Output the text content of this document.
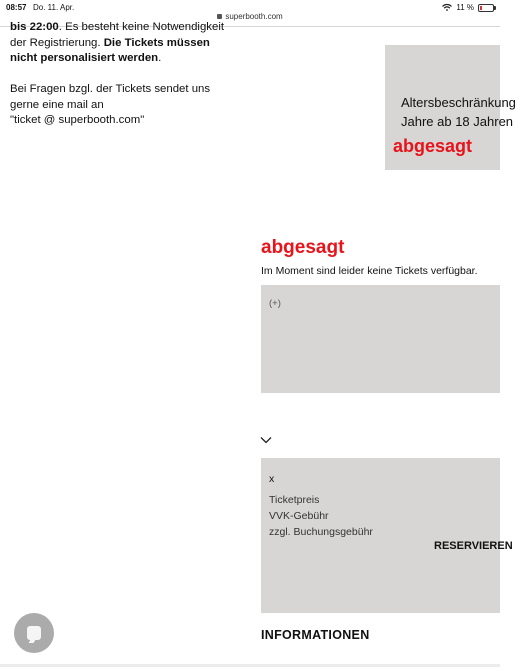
08:57 Do. 11. Apr.
superbooth.com
11 %

bis 22:00. Es besteht keine Notwendigkeit

der Registrierung. Die Tickets müssen

nicht personalisiert werden.

Bei Fragen bzgl. der Tickets sendet uns

gerne eine mail an

"ticket @ superbooth.com"

Altersbeschränkung
Jahre ab 18 Jahren
abgesagt
abgesagt
Im Moment sind leider keine Tickets verfügbar.
(+)
x
Ticketpreis
VVK-Gebühr
zzgl. Buchungsgebühr
RESERVIEREN
INFORMATIONEN
